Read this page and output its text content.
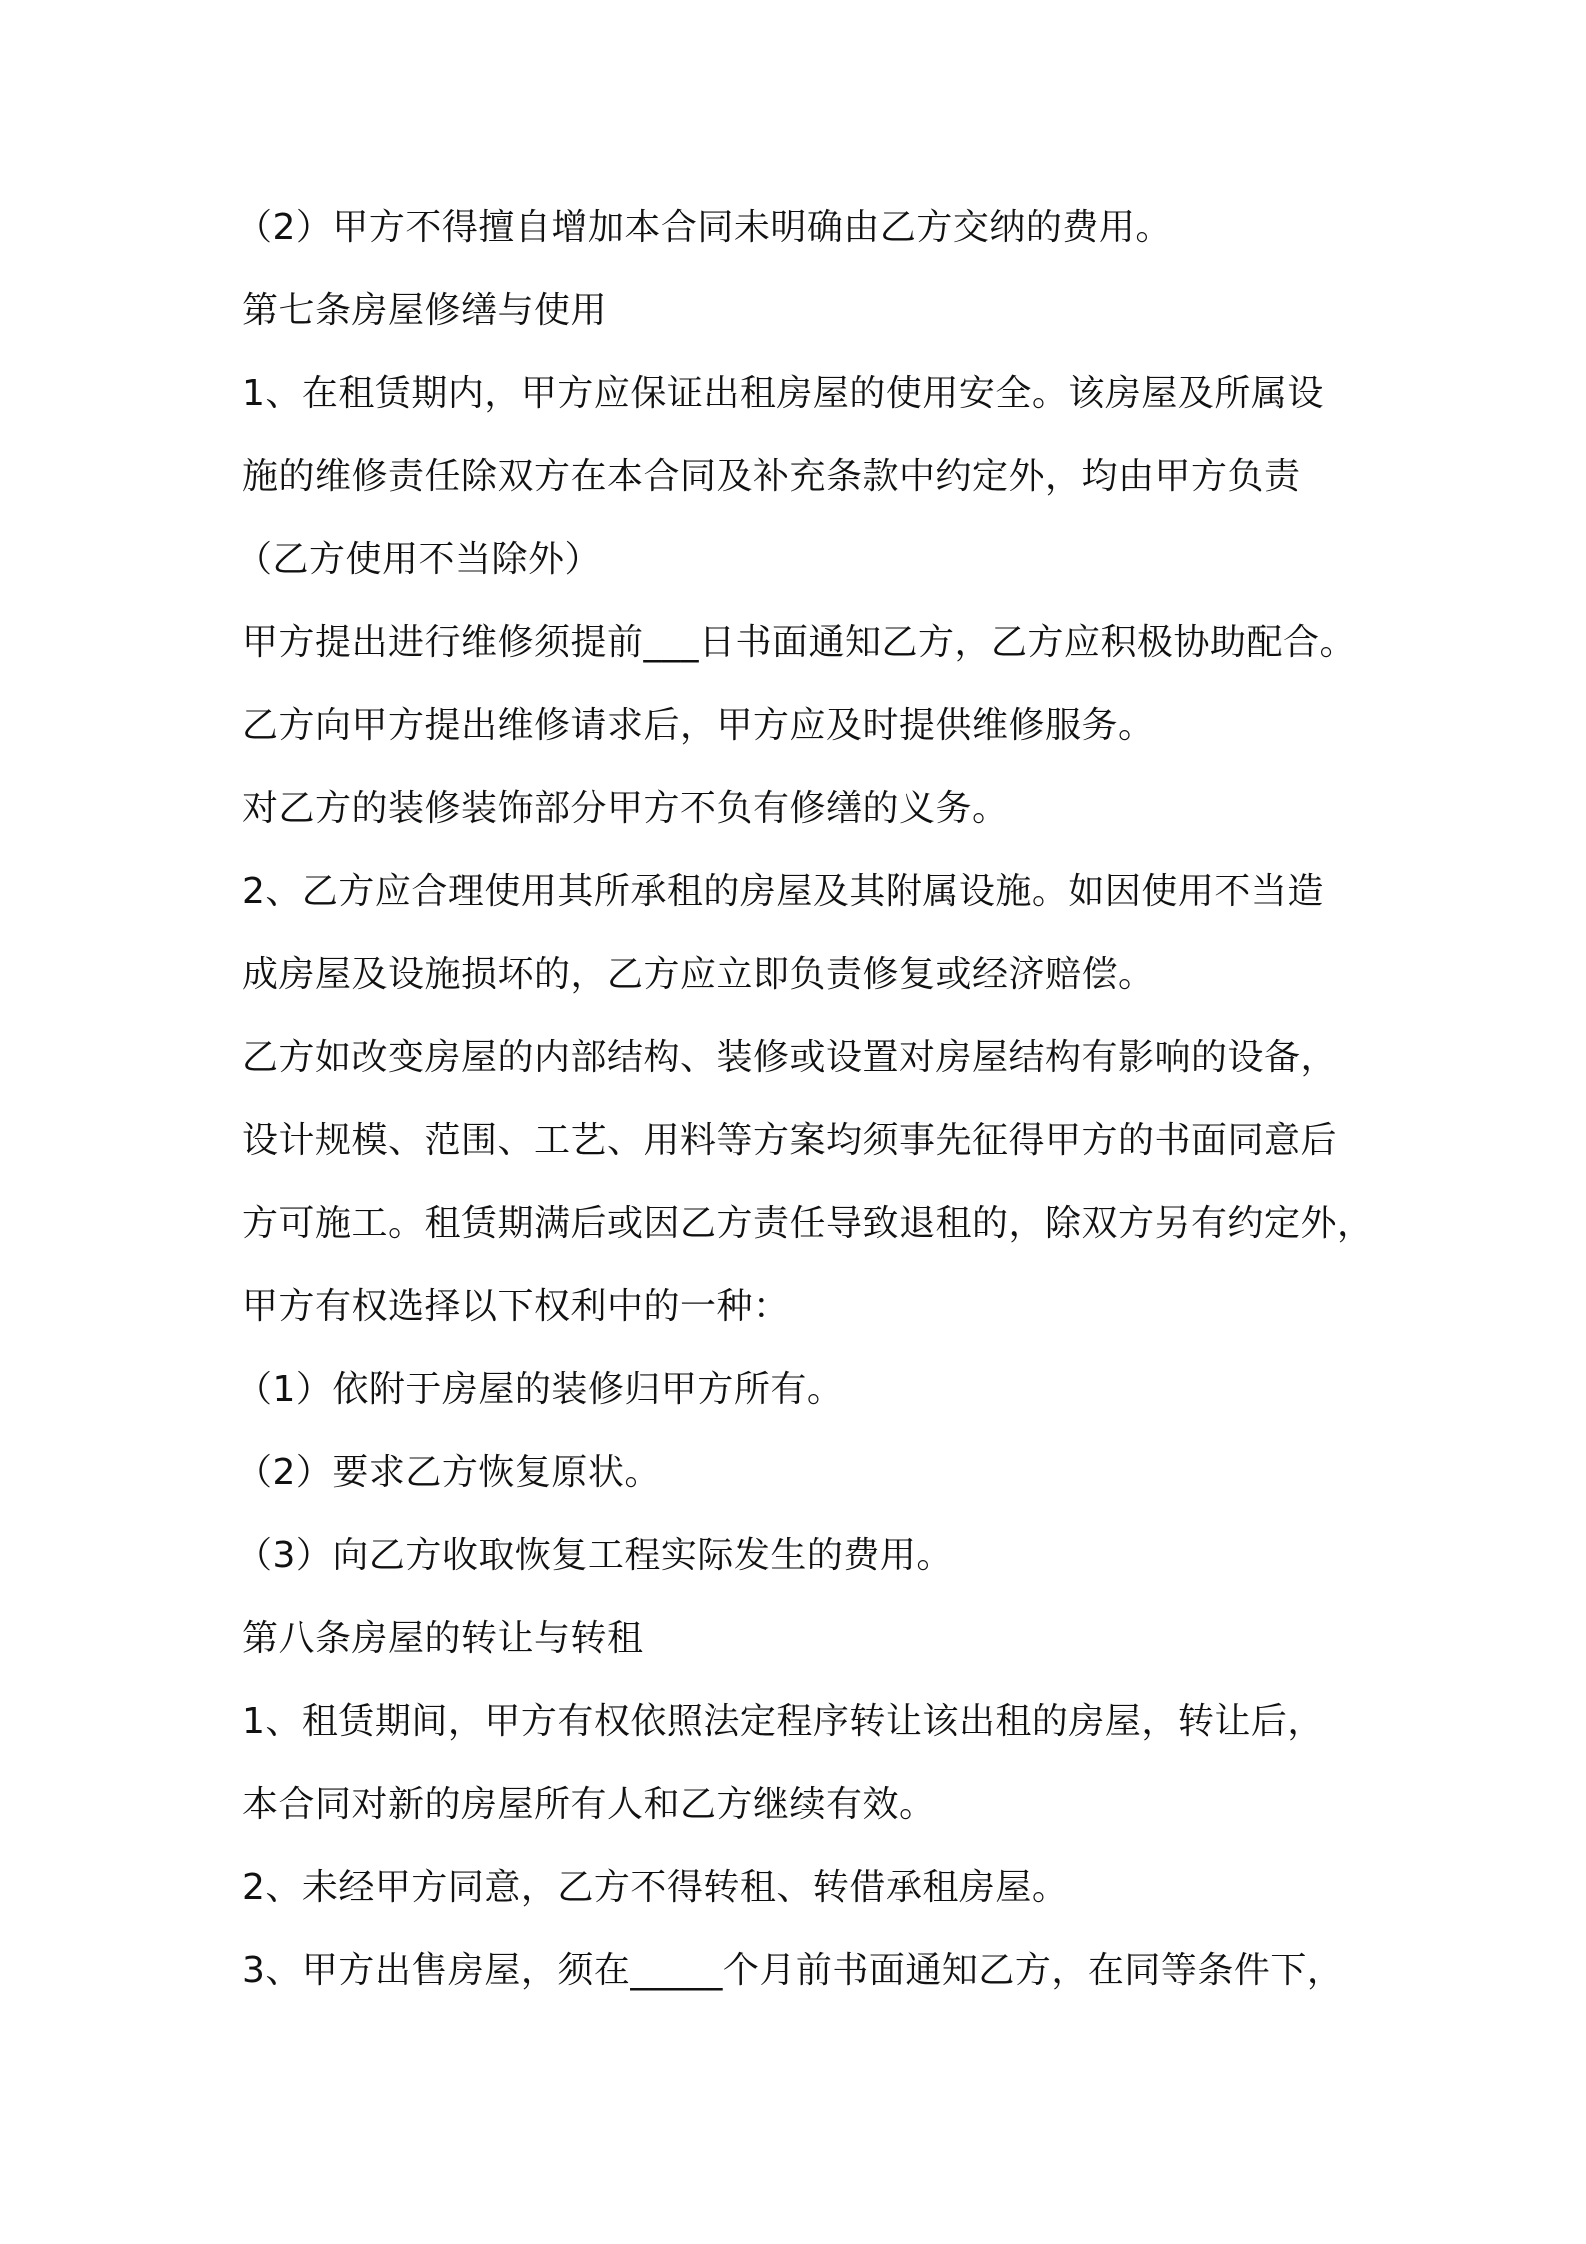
（2）甲方不得擅自增加本合同未明确由乙方交纳的费用。
第七条房屋修缮与使用
1、在租赁期内，甲方应保证出租房屋的使用安全。该房屋及所属设
施的维修责任除双方在本合同及补充条款中约定外，均由甲方负责
（乙方使用不当除外）
甲方提出进行维修须提前___日书面通知乙方，乙方应积极协助配合。
乙方向甲方提出维修请求后，甲方应及时提供维修服务。
对乙方的装修装饰部分甲方不负有修缮的义务。
2、乙方应合理使用其所承租的房屋及其附属设施。如因使用不当造
成房屋及设施损坏的，乙方应立即负责修复或经济赔偿。
乙方如改变房屋的内部结构、装修或设置对房屋结构有影响的设备，
设计规模、范围、工艺、用料等方案均须事先征得甲方的书面同意后
方可施工。租赁期满后或因乙方责任导致退租的，除双方另有约定外，
甲方有权选择以下权利中的一种：
（1）依附于房屋的装修归甲方所有。
（2）要求乙方恢复原状。
（3）向乙方收取恢复工程实际发生的费用。
第八条房屋的转让与转租
1、租赁期间，甲方有权依照法定程序转让该出租的房屋，转让后，
本合同对新的房屋所有人和乙方继续有效。
2、未经甲方同意，乙方不得转租、转借承租房屋。
3、甲方出售房屋，须在_____个月前书面通知乙方，在同等条件下，
